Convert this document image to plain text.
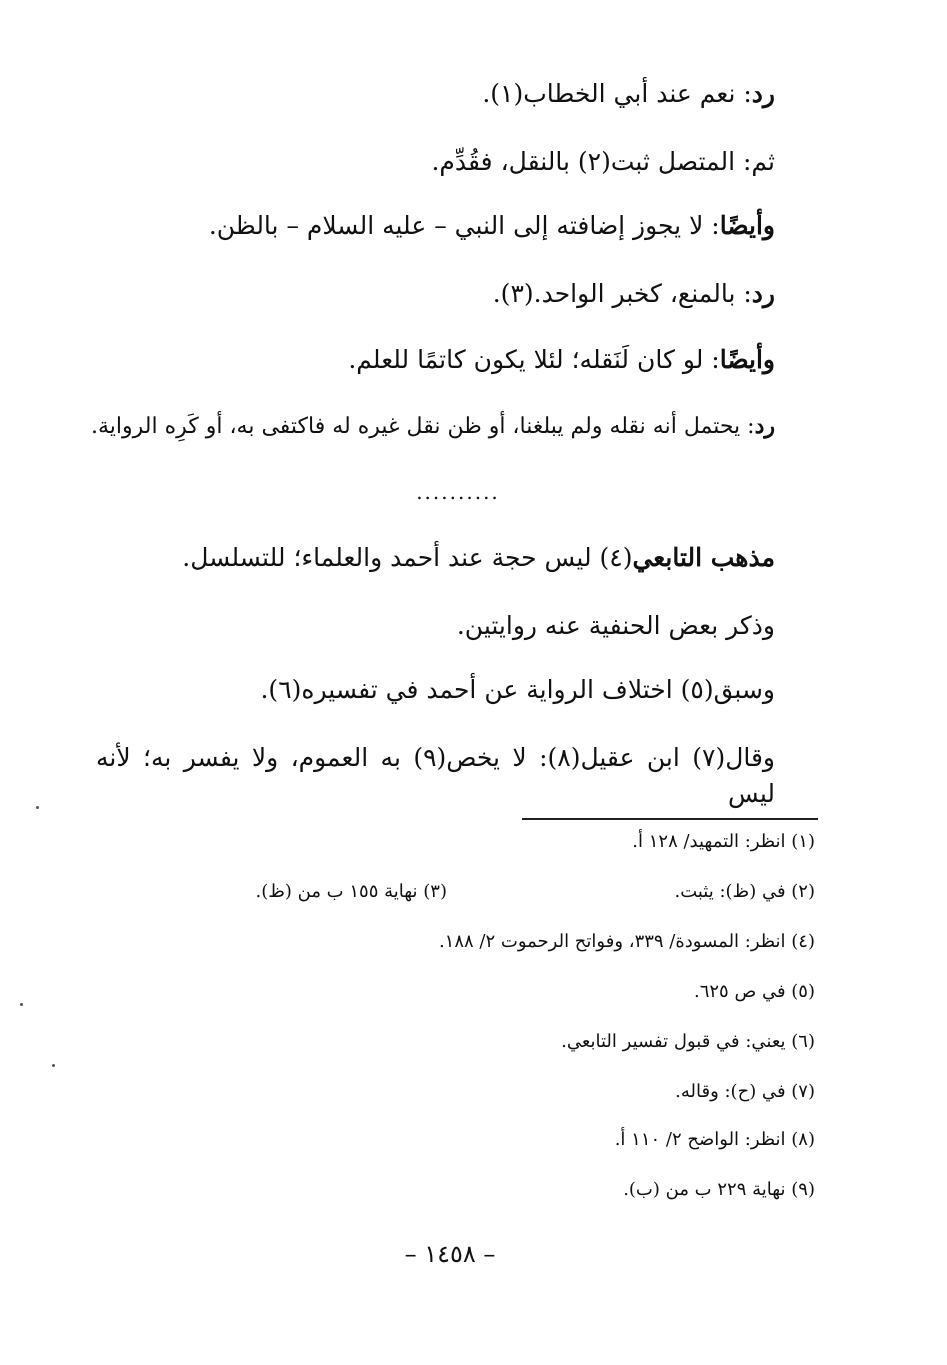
رد: نعم عند أبي الخطاب(١).
ثم: المتصل ثبت(٢) بالنقل، فقُدِّم.
وأيضًا: لا يجوز إضافته إلى النبي – عليه السلام – بالظن.
رد: بالمنع، كخبر الواحد.(٣).
وأيضًا: لو كان لَنَقله؛ لئلا يكون كاتمًا للعلم.
رد: يحتمل أنه نقله ولم يبلغنا، أو ظن نقل غيره له فاكتفى به، أو كَرِه الرواية.
..........
مذهب التابعي(٤) ليس حجة عند أحمد والعلماء؛ للتسلسل.
وذكر بعض الحنفية عنه روايتين.
وسبق(٥) اختلاف الرواية عن أحمد في تفسيره(٦).
وقال(٧) ابن عقيل(٨): لا يخص(٩) به العموم، ولا يفسر به؛ لأنه ليس
(١) انظر: التمهيد/ ١٢٨ أ.
(٢) في (ظ): يثبت.
(٣) نهاية ١٥٥ ب من (ظ).
(٤) انظر: المسودة/ ٣٣٩، وفواتح الرحموت ٢/ ١٨٨.
(٥) في ص ٦٢٥.
(٦) يعني: في قبول تفسير التابعي.
(٧) في (ح): وقاله.
(٨) انظر: الواضح ٢/ ١١٠ أ.
(٩) نهاية ٢٢٩ ب من (ب).
– ١٤٥٨ –
